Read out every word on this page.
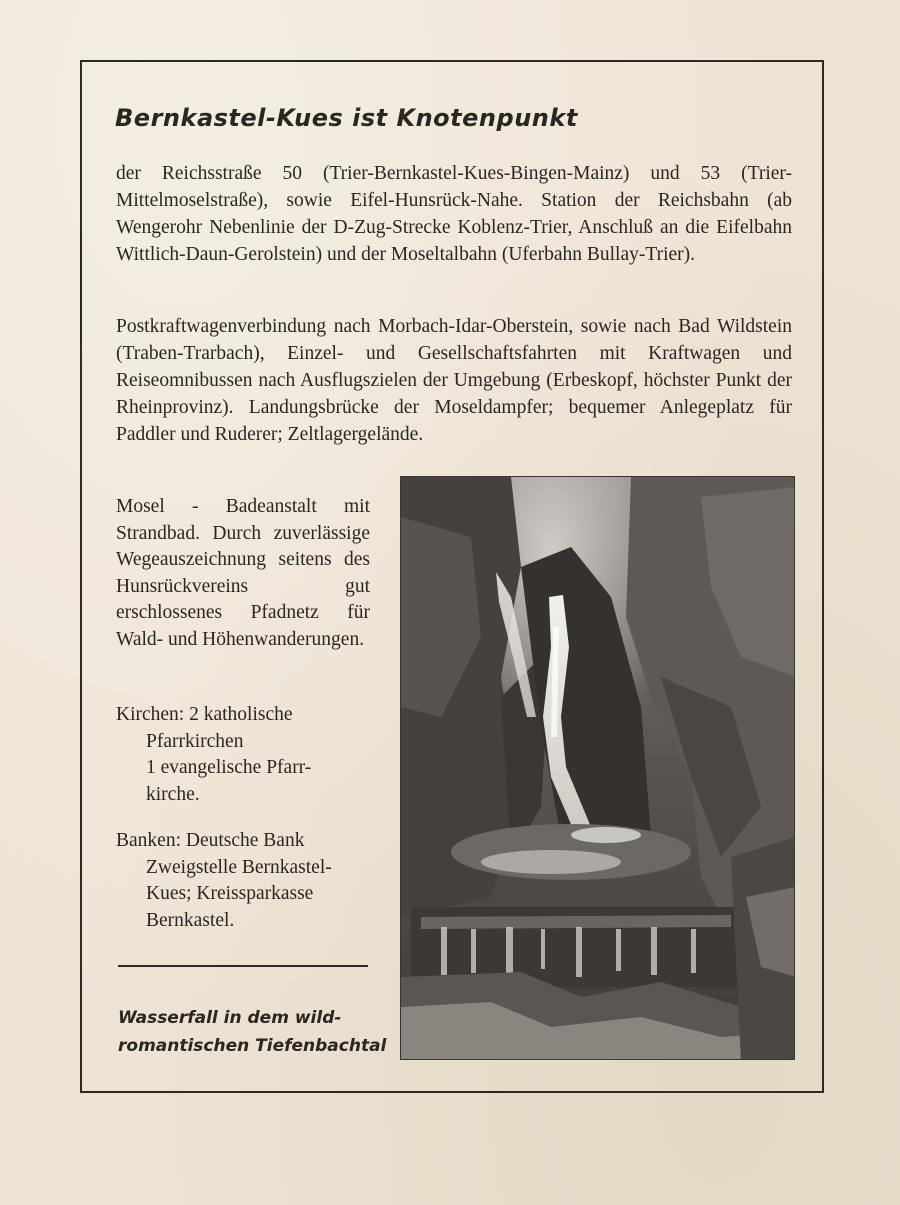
Bernkastel-Kues ist Knotenpunkt

der Reichsstraße 50 (Trier-Bernkastel-Kues-Bingen-Mainz) und 53 (Trier-Mittelmoselstraße), sowie Eifel-Hunsrück-Nahe. Station der Reichsbahn (ab Wengerohr Nebenlinie der D-Zug-Strecke Koblenz-Trier, Anschluß an die Eifelbahn Wittlich-Daun-Gerolstein) und der Moseltalbahn (Uferbahn Bullay-Trier).

Postkraftwagenverbindung nach Morbach-Idar-Oberstein, sowie nach Bad Wildstein (Traben-Trarbach), Einzel- und Gesellschaftsfahrten mit Kraftwagen und Reiseomnibussen nach Ausflugszielen der Umgebung (Erbeskopf, höchster Punkt der Rheinprovinz). Landungsbrücke der Moseldampfer; bequemer Anlegeplatz für Paddler und Ruderer; Zeltlagergelände.

Mosel - Badeanstalt mit Strandbad. Durch zuverlässige Wegeauszeichnung seitens des Hunsrückvereins gut erschlossenes Pfadnetz für Wald- und Höhenwanderungen.
Kirchen: 2 katholische
Pfarrkirchen
1 evangelische Pfarr-
kirche.
Banken: Deutsche Bank
Zweigstelle Bernkastel-
Kues; Kreissparkasse
Bernkastel.
Wasserfall in dem wild-
romantischen Tiefenbachtal
